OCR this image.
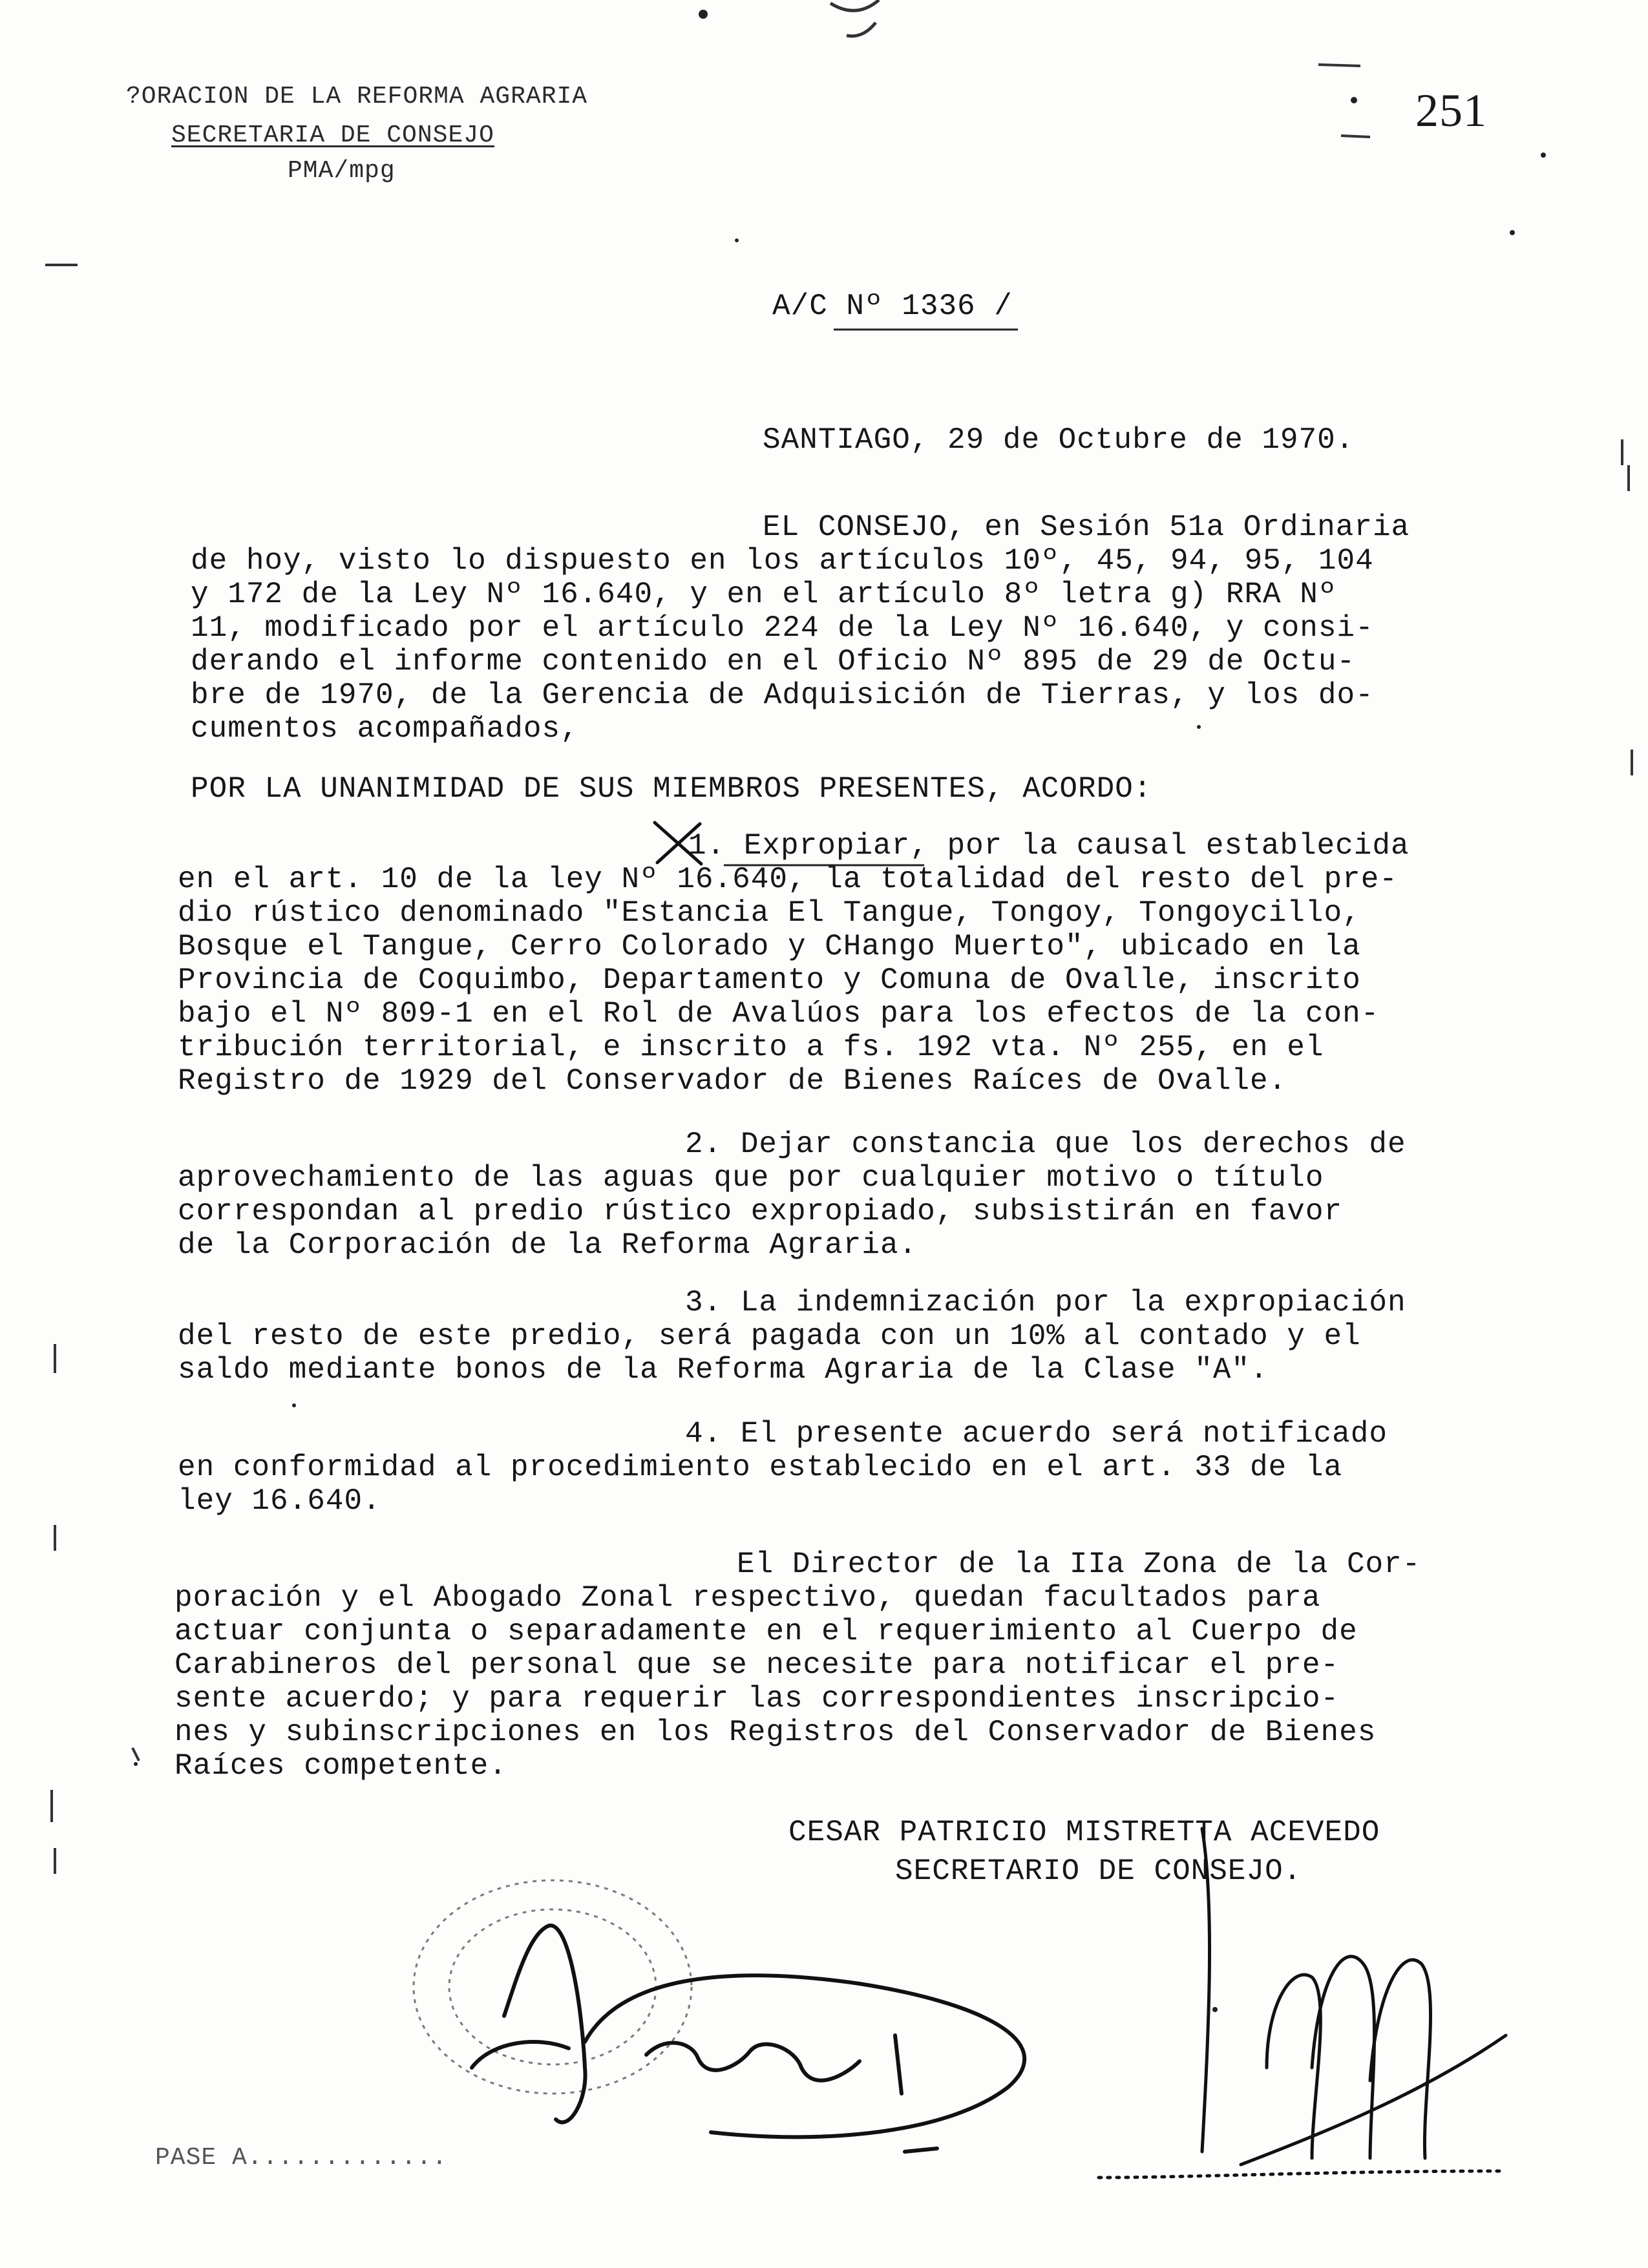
?ORACION DE LA REFORMA AGRARIA
SECRETARIA DE CONSEJO
PMA/mpg
251
A/C Nº 1336 /
SANTIAGO, 29 de Octubre de 1970.
EL CONSEJO, en Sesión 51a Ordinaria
de hoy, visto lo dispuesto en los artículos 10º, 45, 94, 95, 104
y 172 de la Ley Nº 16.640, y en el artículo 8º letra g) RRA Nº
11, modificado por el artículo 224 de la Ley Nº 16.640, y consi-
derando el informe contenido en el Oficio Nº 895 de 29 de Octu-
bre de 1970, de la Gerencia de Adquisición de Tierras, y los do-
cumentos acompañados,
POR LA UNANIMIDAD DE SUS MIEMBROS PRESENTES, ACORDO:
1. Expropiar, por la causal establecida
en el art. 10 de la ley Nº 16.640, la totalidad del resto del pre-
dio rústico denominado "Estancia El Tangue, Tongoy, Tongoycillo,
Bosque el Tangue, Cerro Colorado y CHango Muerto", ubicado en la
Provincia de Coquimbo, Departamento y Comuna de Ovalle, inscrito
bajo el Nº 809-1 en el Rol de Avalúos para los efectos de la con-
tribución territorial, e inscrito a fs. 192 vta. Nº 255, en el
Registro de 1929 del Conservador de Bienes Raíces de Ovalle.
2. Dejar constancia que los derechos de
aprovechamiento de las aguas que por cualquier motivo o título
correspondan al predio rústico expropiado, subsistirán en favor
de la Corporación de la Reforma Agraria.
3. La indemnización por la expropiación
del resto de este predio, será pagada con un 10% al contado y el
saldo mediante bonos de la Reforma Agraria de la Clase "A".
4. El presente acuerdo será notificado
en conformidad al procedimiento establecido en el art. 33 de la
ley 16.640.
El Director de la IIa Zona de la Cor-
poración y el Abogado Zonal respectivo, quedan facultados para
actuar conjunta o separadamente en el requerimiento al Cuerpo de
Carabineros del personal que se necesite para notificar el pre-
sente acuerdo; y para requerir las correspondientes inscripcio-
nes y subinscripciones en los Registros del Conservador de Bienes
Raíces competente.
CESAR PATRICIO MISTRETTA ACEVEDO
SECRETARIO DE CONSEJO.
PASE A.............
